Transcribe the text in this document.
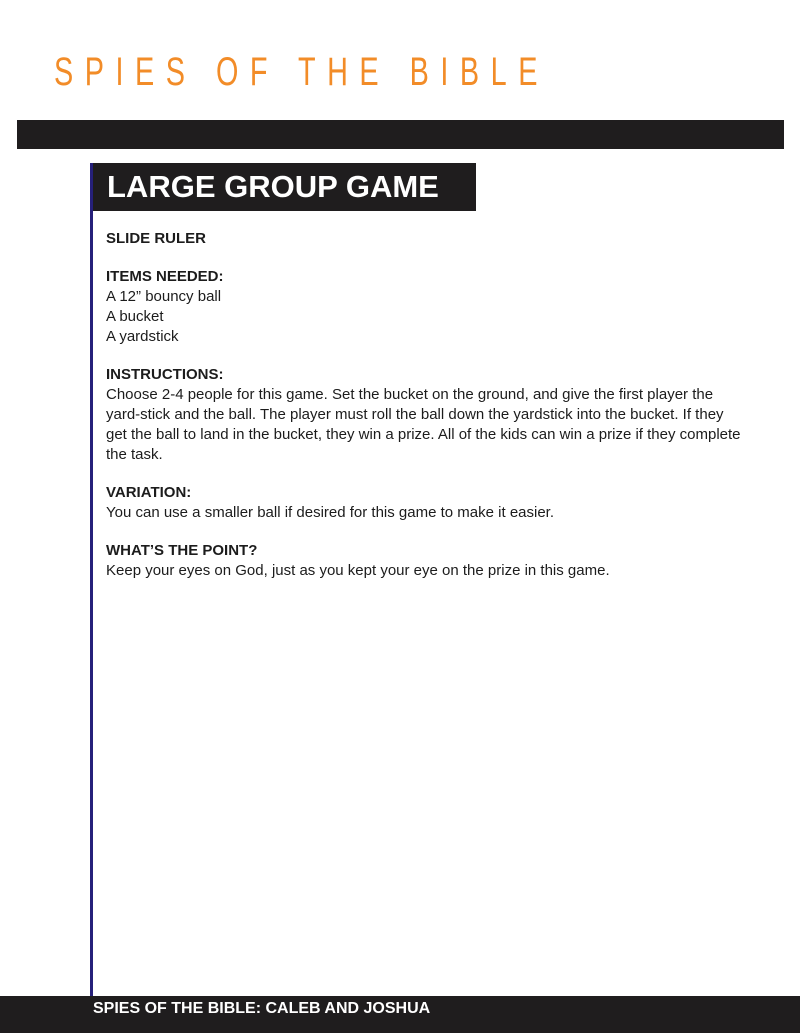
SPIES OF THE BIBLE
LARGE GROUP GAME

SLIDE RULER

ITEMS NEEDED:

A 12” bouncy ball

A bucket

A yardstick

INSTRUCTIONS:

Choose 2-4 people for this game. Set the bucket on the ground, and give the first player the yard-stick and the ball. The player must roll the ball down the yardstick into the bucket. If they get the ball to land in the bucket, they win a prize. All of the kids can win a prize if they complete the task.

VARIATION:

You can use a smaller ball if desired for this game to make it easier.

WHAT’S THE POINT?

Keep your eyes on God, just as you kept your eye on the prize in this game.

SPIES OF THE BIBLE: CALEB AND JOSHUA
